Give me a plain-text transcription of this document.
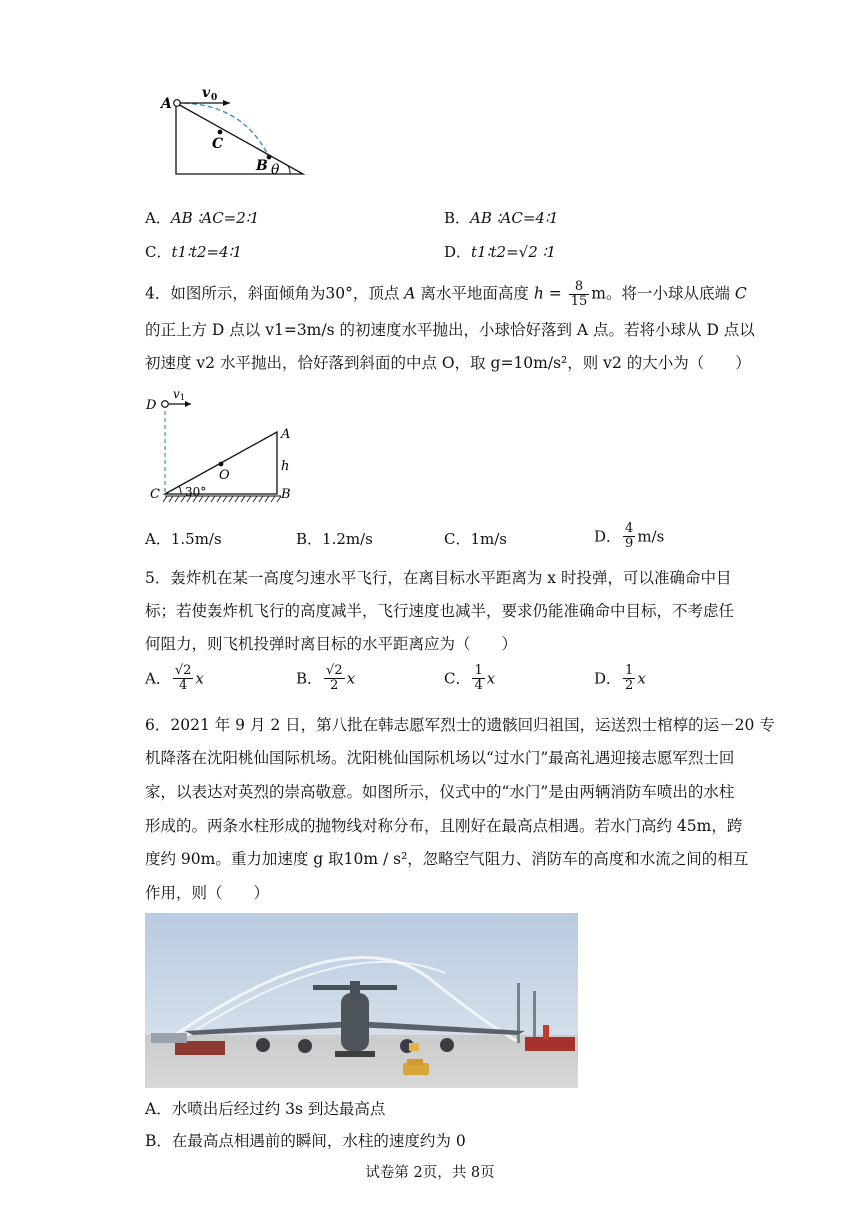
v 0
A
C
B θ
A．AB ∶AC=2∶1	B．AB ∶AC=4∶1
C．t1∶t2=4∶1	D．t1∶t2=√2 ∶1
4．如图所示，斜面倾角为30°，顶点 A 离水平地面高度 $h = \frac{8}{15}$ m。将一小球从底端 C
的正上方 D 点以 v1=3m/s 的初速度水平抛出，小球恰好落到 A 点。若将小球从 D 点以
初速度 v2 水平抛出，恰好落到斜面的中点 O，取 g=10m/s²，则 v2 的大小为（　　）
D
v 1
A
h
O
C 30°	B
A．1.5m/s	B．1.2m/s	C．1m/s	D． $\frac{4}{9} m/s$
5．轰炸机在某一高度匀速水平飞行，在离目标水平距离为 x 时投弹，可以准确命中目
标；若使轰炸机飞行的高度减半，飞行速度也减半，要求仍能准确命中目标，不考虑任
何阻力，则飞机投弹时离目标的水平距离应为（　　）
A． $\frac{√2}{4}$ x	B． $\frac{√2}{2}$ x	C． $\frac{1}{4}$ x	D． $\frac{1}{2}$ x
6．2021 年 9 月 2 日，第八批在韩志愿军烈士的遗骸回归祖国，运送烈士棺椁的运－20 专
机降落在沈阳桃仙国际机场。沈阳桃仙国际机场以“过水门”最高礼遇迎接志愿军烈士回
家，以表达对英烈的崇高敬意。如图所示，仪式中的“水门”是由两辆消防车喷出的水柱
形成的。两条水柱形成的抛物线对称分布，且刚好在最高点相遇。若水门高约 45m，跨
度约 90m。重力加速度 g 取10m / s²，忽略空气阻力、消防车的高度和水流之间的相互
作用，则（　　）
A．水喷出后经过约 3s 到达最高点
B．在最高点相遇前的瞬间，水柱的速度约为 0
试卷第 2页，共 8页
